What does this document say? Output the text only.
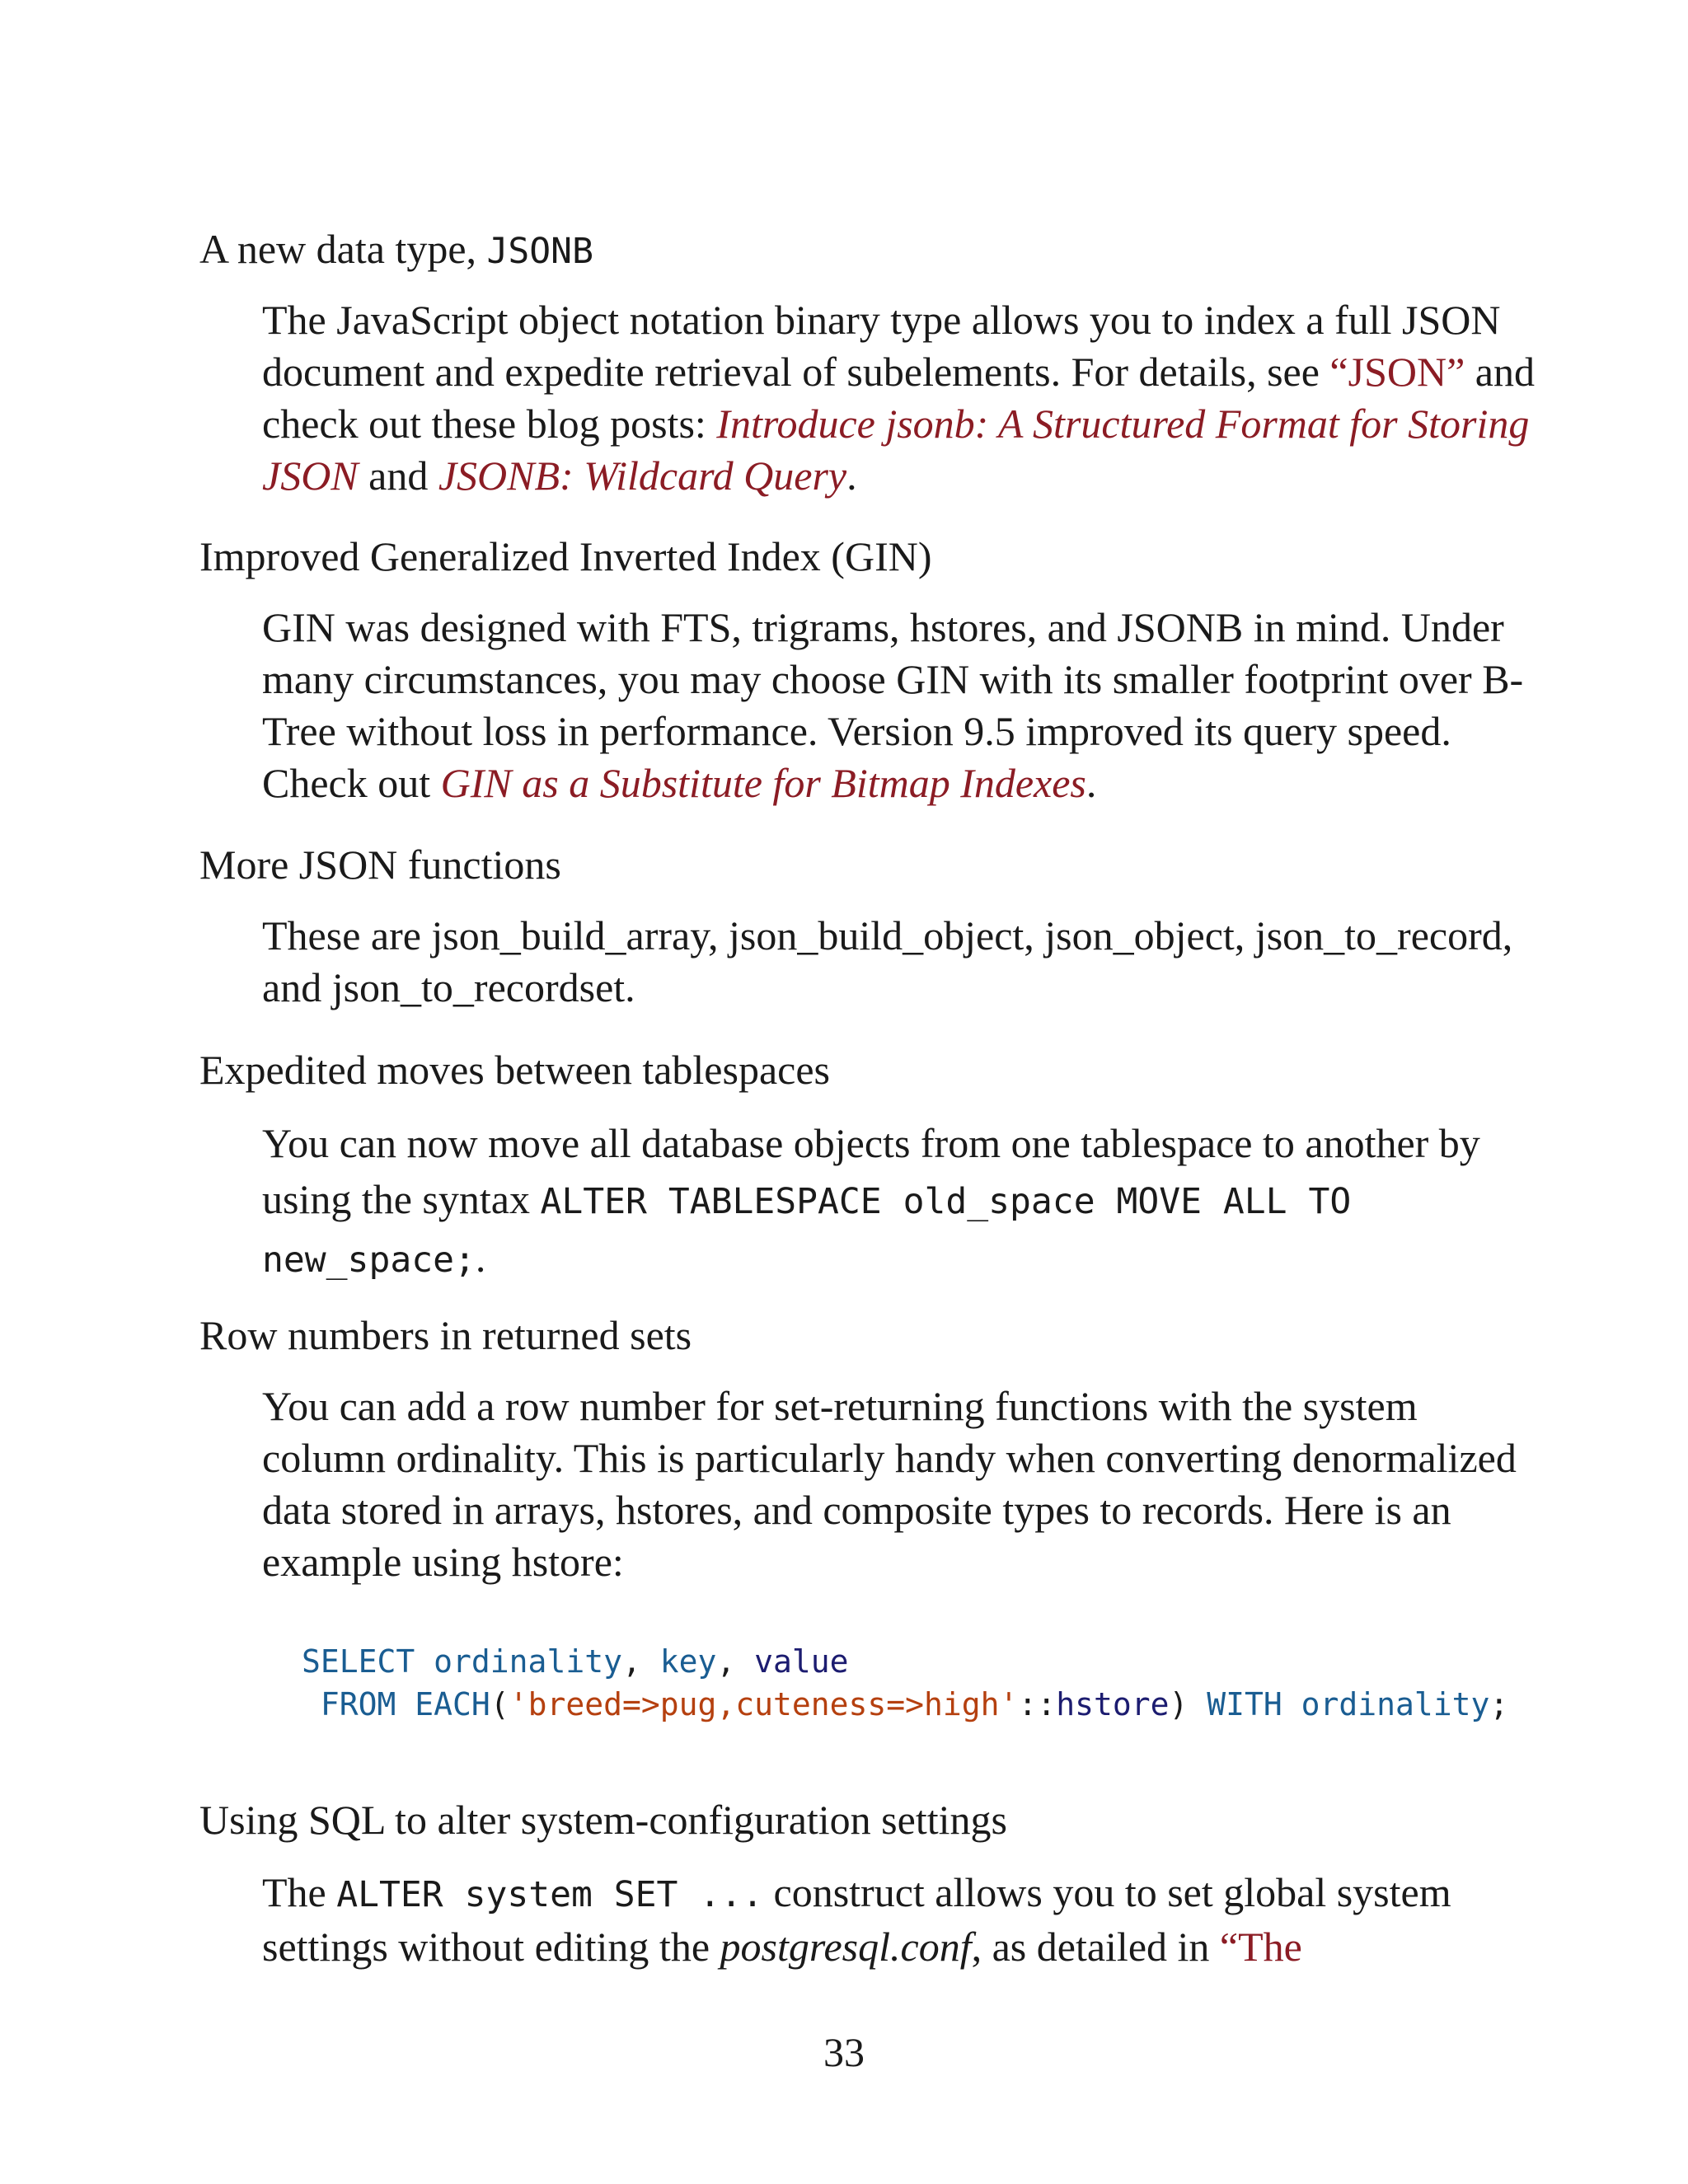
A new data type, JSONB
The JavaScript object notation binary type allows you to index a full JSON document and expedite retrieval of subelements. For details, see “JSON” and check out these blog posts: Introduce jsonb: A Structured Format for Storing JSON and JSONB: Wildcard Query.
Improved Generalized Inverted Index (GIN)
GIN was designed with FTS, trigrams, hstores, and JSONB in mind. Under many circumstances, you may choose GIN with its smaller footprint over B-Tree without loss in performance. Version 9.5 improved its query speed. Check out GIN as a Substitute for Bitmap Indexes.
More JSON functions
These are json_build_array, json_build_object, json_object, json_to_record, and json_to_recordset.
Expedited moves between tablespaces
You can now move all database objects from one tablespace to another by using the syntax ALTER TABLESPACE old_space MOVE ALL TO new_space;.
Row numbers in returned sets
You can add a row number for set-returning functions with the system column ordinality. This is particularly handy when converting denormalized data stored in arrays, hstores, and composite types to records. Here is an example using hstore:
SELECT ordinality, key, value
FROM EACH('breed=>pug,cuteness=>high'::hstore) WITH ordinality;
Using SQL to alter system-configuration settings
The ALTER system SET ... construct allows you to set global system settings without editing the postgresql.conf, as detailed in “The
33
